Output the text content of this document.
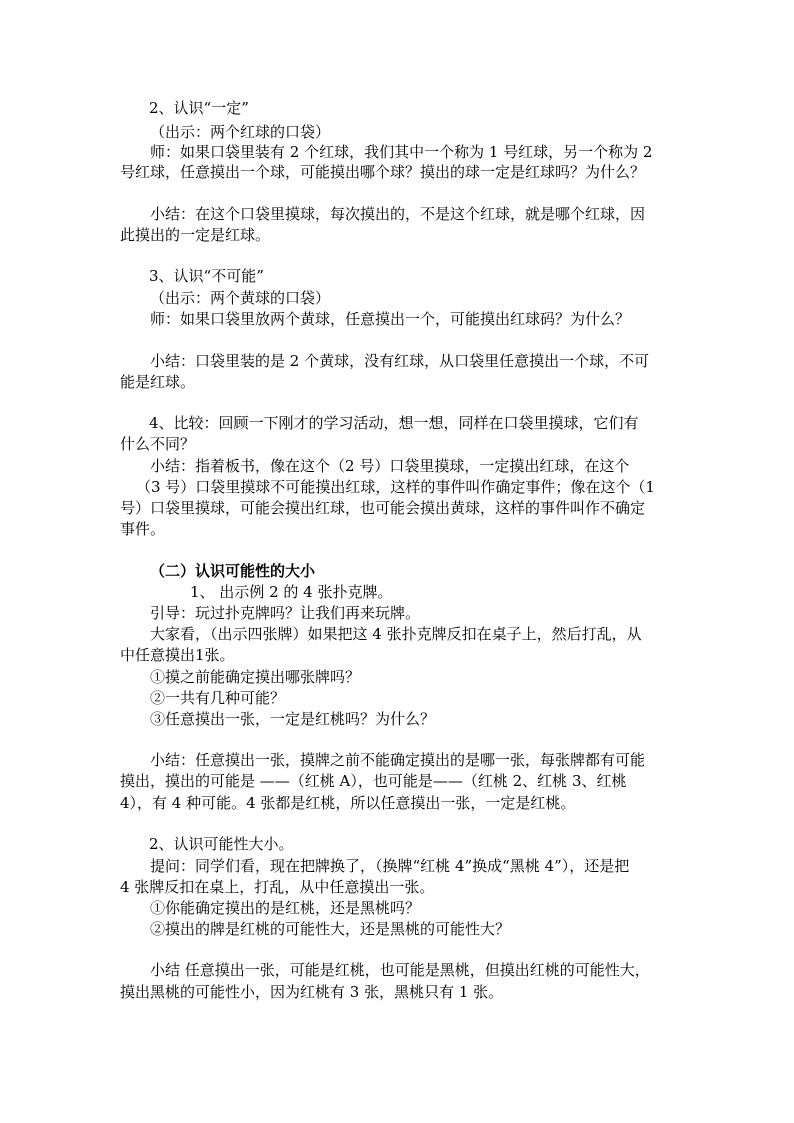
2、认识“一定”
（出示：两个红球的口袋）
师：如果口袋里装有 2 个红球，我们其中一个称为 1 号红球，另一个称为 2
号红球，任意摸出一个球，可能摸出哪个球？摸出的球一定是红球吗？为什么？
小结：在这个口袋里摸球，每次摸出的，不是这个红球，就是哪个红球，因
此摸出的一定是红球。
3、认识“不可能”
（出示：两个黄球的口袋）
师：如果口袋里放两个黄球，任意摸出一个，可能摸出红球码？为什么？
小结：口袋里装的是 2 个黄球，没有红球，从口袋里任意摸出一个球，不可
能是红球。
4、比较：回顾一下刚才的学习活动，想一想，同样在口袋里摸球，它们有
什么不同？
小结：指着板书，像在这个（2 号）口袋里摸球，一定摸出红球，在这个
（3 号）口袋里摸球不可能摸出红球，这样的事件叫作确定事件；像在这个（1
号）口袋里摸球，可能会摸出红球，也可能会摸出黄球，这样的事件叫作不确定
事件。
（二）认识可能性的大小
1、 出示例 2 的 4 张扑克牌。
引导：玩过扑克牌吗？让我们再来玩牌。
大家看，（出示四张牌）如果把这 4 张扑克牌反扣在桌子上，然后打乱，从
中任意摸出1张。
①摸之前能确定摸出哪张牌吗？
②一共有几种可能？
③任意摸出一张，一定是红桃吗？为什么？
小结：任意摸出一张，摸牌之前不能确定摸出的是哪一张，每张牌都有可能
摸出，摸出的可能是 ——（红桃 A），也可能是——（红桃 2、红桃 3、红桃
4），有 4 种可能。4 张都是红桃，所以任意摸出一张，一定是红桃。
2、认识可能性大小。
提问：同学们看，现在把牌换了，（换牌“红桃 4”换成“黑桃 4”），还是把
4 张牌反扣在桌上，打乱，从中任意摸出一张。
①你能确定摸出的是红桃，还是黑桃吗？
②摸出的牌是红桃的可能性大，还是黑桃的可能性大？
小结 任意摸出一张，可能是红桃，也可能是黑桃，但摸出红桃的可能性大，
摸出黑桃的可能性小，因为红桃有 3 张，黑桃只有 1 张。
